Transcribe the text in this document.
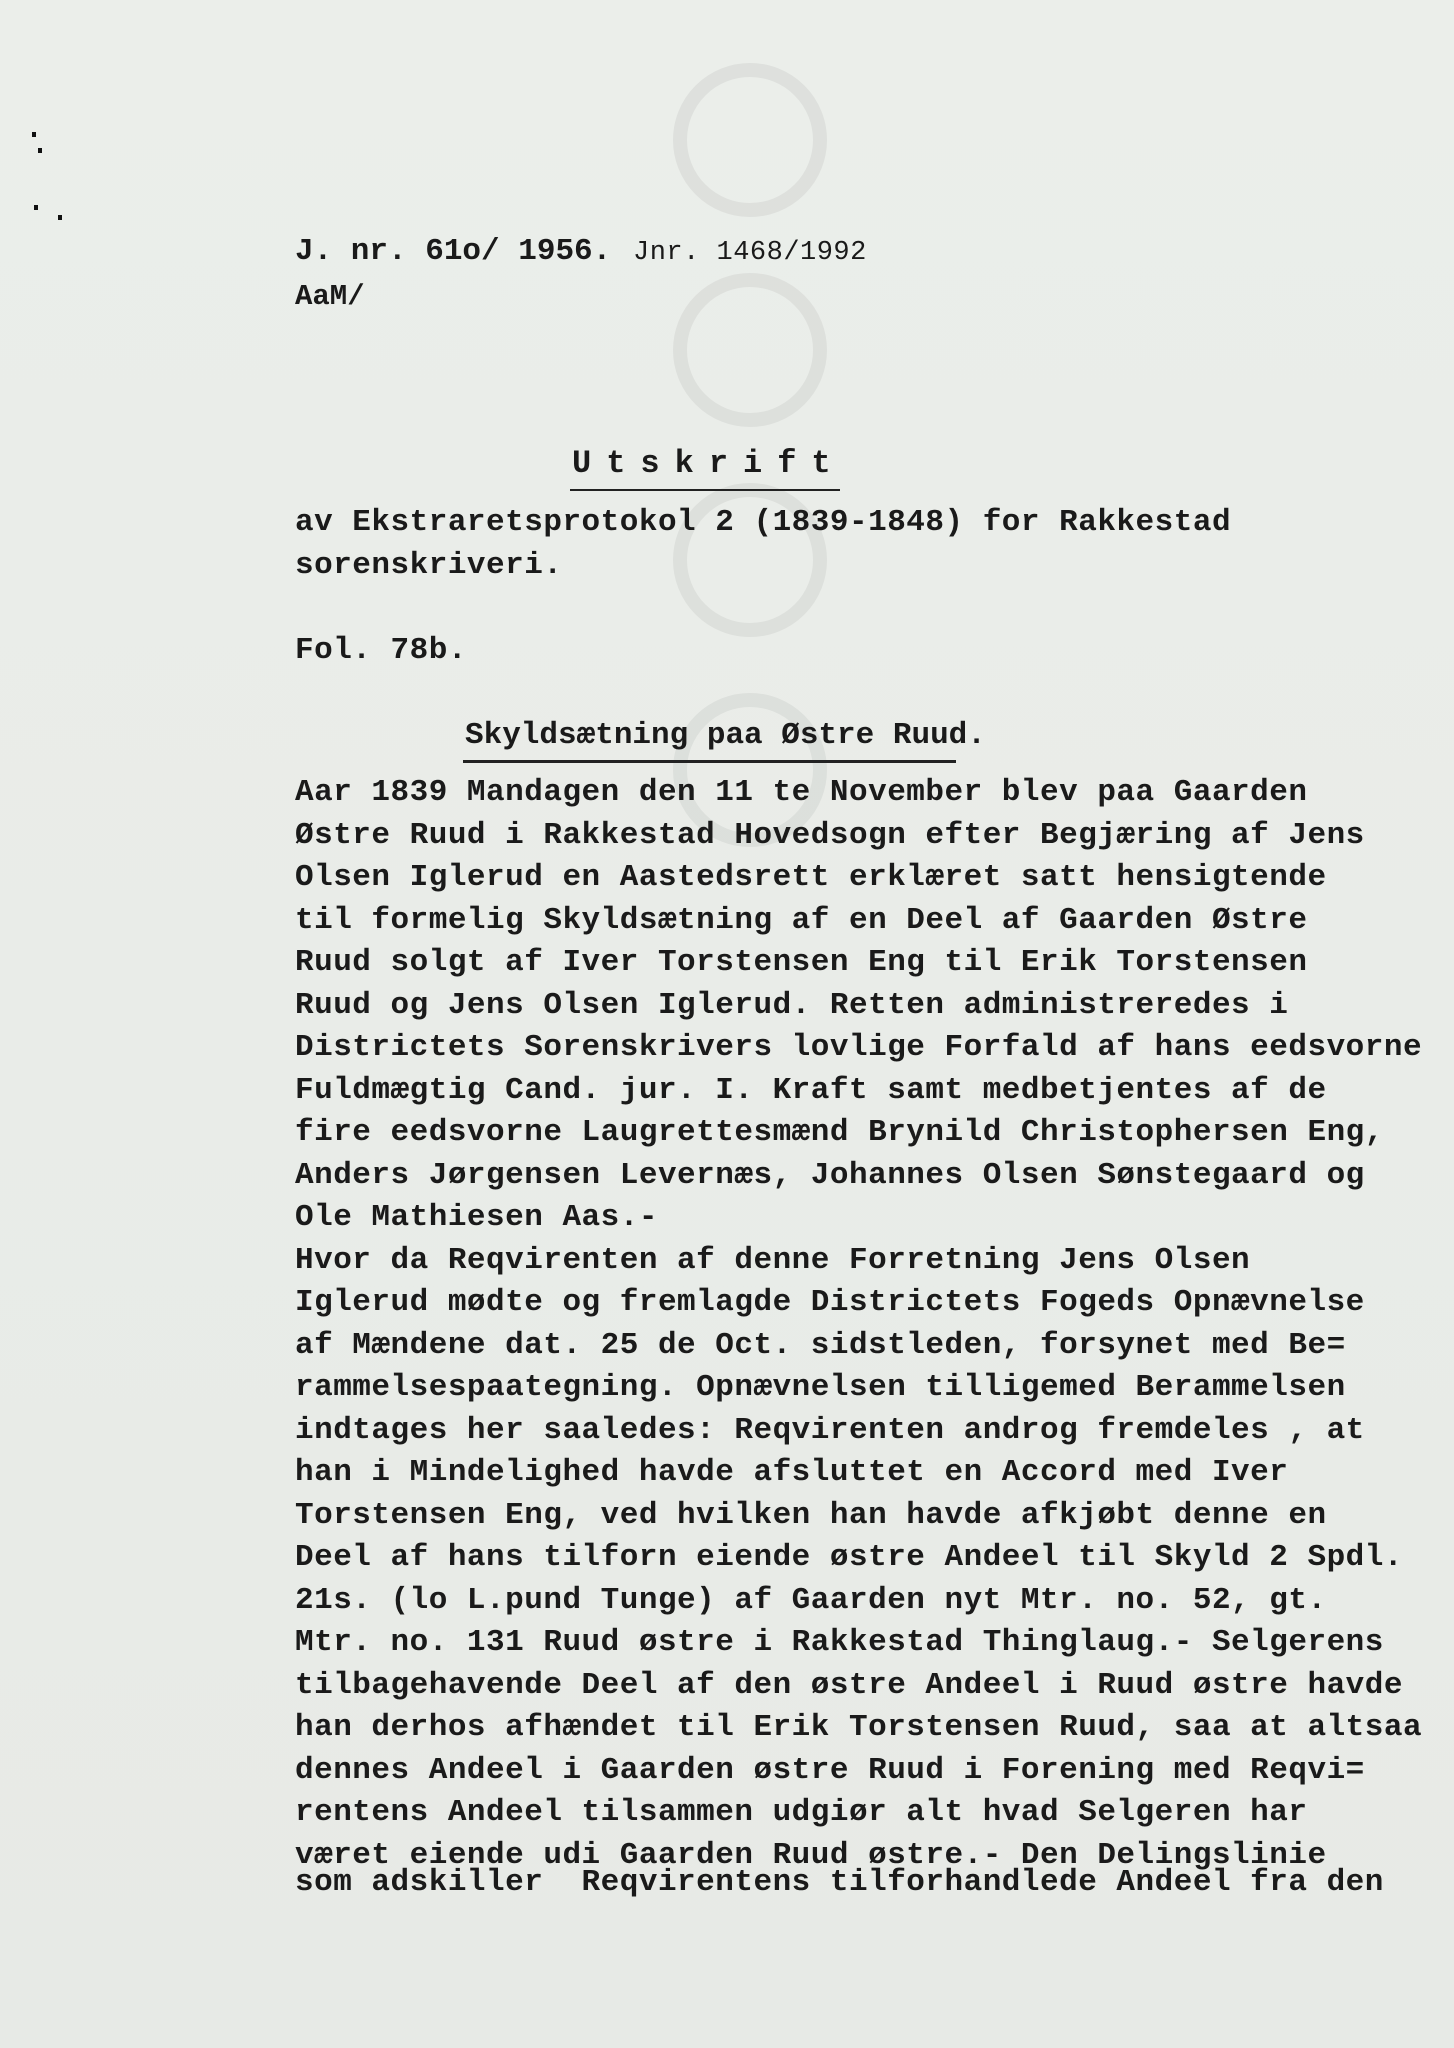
J. nr. 61o/ 1956. Jnr. 1468/1992
AaM/
Utskrift
av Ekstraretsprotokol 2 (1839-1848) for Rakkestad
sorenskriveri.
Fol. 78b.
Skyldsætning paa Østre Ruud.
Aar 1839 Mandagen den 11 te November blev paa Gaarden
Østre Ruud i Rakkestad Hovedsogn efter Begjæring af Jens
Olsen Iglerud en Aastedsrett erklæret satt hensigtende
til formelig Skyldsætning af en Deel af Gaarden Østre
Ruud solgt af Iver Torstensen Eng til Erik Torstensen
Ruud og Jens Olsen Iglerud. Retten administreredes i
Districtets Sorenskrivers lovlige Forfald af hans eedsvorne
Fuldmægtig Cand. jur. I. Kraft samt medbetjentes af de
fire eedsvorne Laugrettesmænd Brynild Christophersen Eng,
Anders Jørgensen Levernæs, Johannes Olsen Sønstegaard og
Ole Mathiesen Aas.-
Hvor da Reqvirenten af denne Forretning Jens Olsen
Iglerud mødte og fremlagde Districtets Fogeds Opnævnelse
af Mændene dat. 25 de Oct. sidstleden, forsynet med Be=
rammelsespaategning. Opnævnelsen tilligemed Berammelsen
indtages her saaledes: Reqvirenten androg fremdeles , at
han i Mindelighed havde afsluttet en Accord med Iver
Torstensen Eng, ved hvilken han havde afkjøbt denne en
Deel af hans tilforn eiende østre Andeel til Skyld 2 Spdl.
21s. (lo L.pund Tunge) af Gaarden nyt Mtr. no. 52, gt.
Mtr. no. 131 Ruud østre i Rakkestad Thinglaug.- Selgerens
tilbagehavende Deel af den østre Andeel i Ruud østre havde
han derhos afhændet til Erik Torstensen Ruud, saa at altsaa
dennes Andeel i Gaarden østre Ruud i Forening med Reqvi=
rentens Andeel tilsammen udgiør alt hvad Selgeren har
været eiende udi Gaarden Ruud østre.- Den Delingslinie
som adskiller  Reqvirentens tilforhandlede Andeel fra den
